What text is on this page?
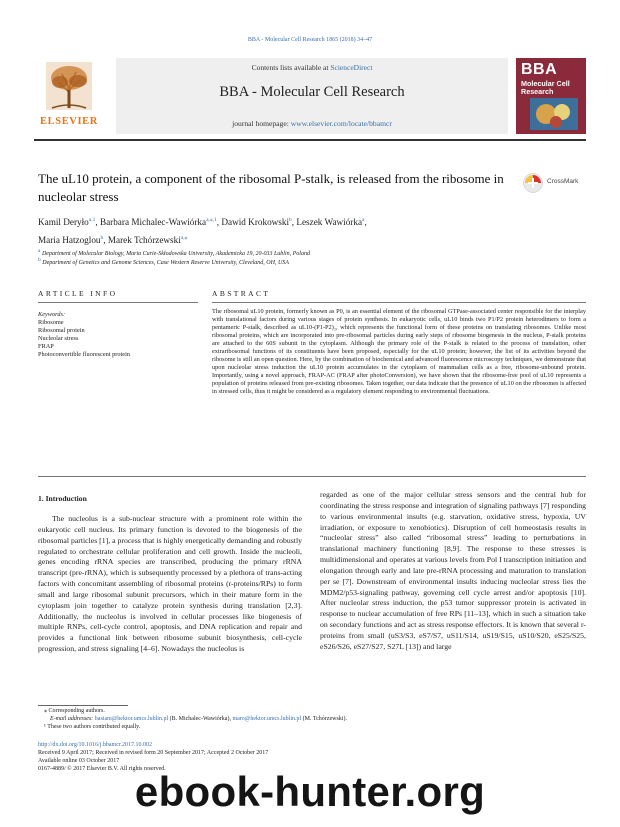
BBA - Molecular Cell Research 1865 (2018) 34–47
ELSEVIER
Contents lists available at ScienceDirect
BBA - Molecular Cell Research
journal homepage: www.elsevier.com/locate/bbamcr
BBA
Molecular Cell Research
The uL10 protein, a component of the ribosomal P-stalk, is released from the ribosome in nucleolar stress
CrossMark
Kamil Deryło$^{a,1}$, Barbara Michalec-Wawiórka$^{a,⁎,1}$, Dawid Krokowski$^b$, Leszek Wawiórka$^a$,
Maria Hatzoglou$^b$, Marek Tchórzewski$^{a,⁎}$
$^a$ Department of Molecular Biology, Maria Curie-Skłodowska University, Akademicka 19, 20-033 Lublin, Poland
$^b$ Department of Genetics and Genome Sciences, Case Western Reserve University, Cleveland, OH, USA
ARTICLE INFO	ABSTRACT
Keywords:
Ribosome
Ribosomal protein
Nucleolar stress
FRAP
Photoconvertible fluorescent protein
The ribosomal uL10 protein, formerly known as P0, is an essential element of the ribosomal GTPase-associated center responsible for the interplay with translational factors during various stages of protein synthesis. In eukaryotic cells, uL10 binds two P1/P2 protein heterodimers to form a pentameric P-stalk, described as uL10-(P1-P2)₂, which represents the functional form of these proteins on translating ribosomes. Unlike most ribosomal proteins, which are incorporated into pre-ribosomal particles during early steps of ribosome biogenesis in the nucleus, P-stalk proteins are attached to the 60S subunit in the cytoplasm. Although the primary role of the P-stalk is related to the process of translation, other extraribosomal functions of its constituents have been proposed, especially for the uL10 protein; however, the list of its activities beyond the ribosome is still an open question. Here, by the combination of biochemical and advanced fluorescence microscopy techniques, we demonstrate that upon nucleolar stress induction the uL10 protein accumulates in the cytoplasm of mammalian cells as a free, ribosome-unbound protein. Importantly, using a novel approach, FRAP-AC (FRAP after photoConversion), we have shown that the ribosome-free pool of uL10 represents a population of proteins released from pre-existing ribosomes. Taken together, our data indicate that the presence of uL10 on the ribosomes is affected in stressed cells, thus it might be considered as a regulatory element responding to environmental fluctuations.
1. Introduction
The nucleolus is a sub-nuclear structure with a prominent role within the eukaryotic cell nucleus. Its primary function is devoted to the biogenesis of the ribosomal particles [1], a process that is highly energetically demanding and robustly regulated to orchestrate cellular proliferation and cell growth. Inside the nucleoli, genes encoding rRNA species are transcribed, producing the primary rRNA transcript (pre-rRNA), which is subsequently processed by a plethora of trans-acting factors with concomitant assembling of ribosomal proteins (r-proteins/RPs) to form small and large ribosomal subunit precursors, which in their mature form in the cytoplasm join together to catalyze protein synthesis during translation [2,3]. Additionally, the nucleolus is involved in cellular processes like biogenesis of multiple RNPs, cell-cycle control, apoptosis, and DNA replication and repair and provides a functional link between ribosome subunit biosynthesis, cell-cycle progression, and stress signaling [4–6]. Nowadays the nucleolus is
regarded as one of the major cellular stress sensors and the central hub for coordinating the stress response and integration of signaling pathways [7] responding to various environmental insults (e.g. starvation, oxidative stress, hypoxia, UV irradiation, or exposure to xenobiotics). Disruption of cell homeostasis results in “nucleolar stress” also called “ribosomal stress” leading to perturbations in translational machinery functioning [8,9]. The response to these stresses is multidimensional and operates at various levels from Pol I transcription initiation and elongation through early and late pre-rRNA processing and maturation to translation per se [7]. Downstream of environmental insults inducing nucleolar stress lies the MDM2/p53-signaling pathway, governing cell cycle arrest and/or apoptosis [10]. After nucleolar stress induction, the p53 tumor suppressor protein is activated in response to nuclear accumulation of free RPs [11–13], which in such a situation take on secondary functions and act as stress response effectors. It is known that several r-proteins from small (uS3/S3, eS7/S7, uS11/S14, uS19/S15, uS10/S20, eS25/S25, eS26/S26, eS27/S27, S27L [13]) and large
⁎ Corresponding authors.
E-mail addresses: basiam@hektor.umcs.lublin.pl (B. Michalec-Wawiórka), maro@hektor.umcs.lublin.pl (M. Tchórzewski).
¹ These two authors contributed equally.
http://dx.doi.org/10.1016/j.bbamcr.2017.10.002
Received 9 April 2017; Received in revised form 20 September 2017; Accepted 2 October 2017
Available online 03 October 2017
0167-4889/ © 2017 Elsevier B.V. All rights reserved.
ebook-hunter.org
